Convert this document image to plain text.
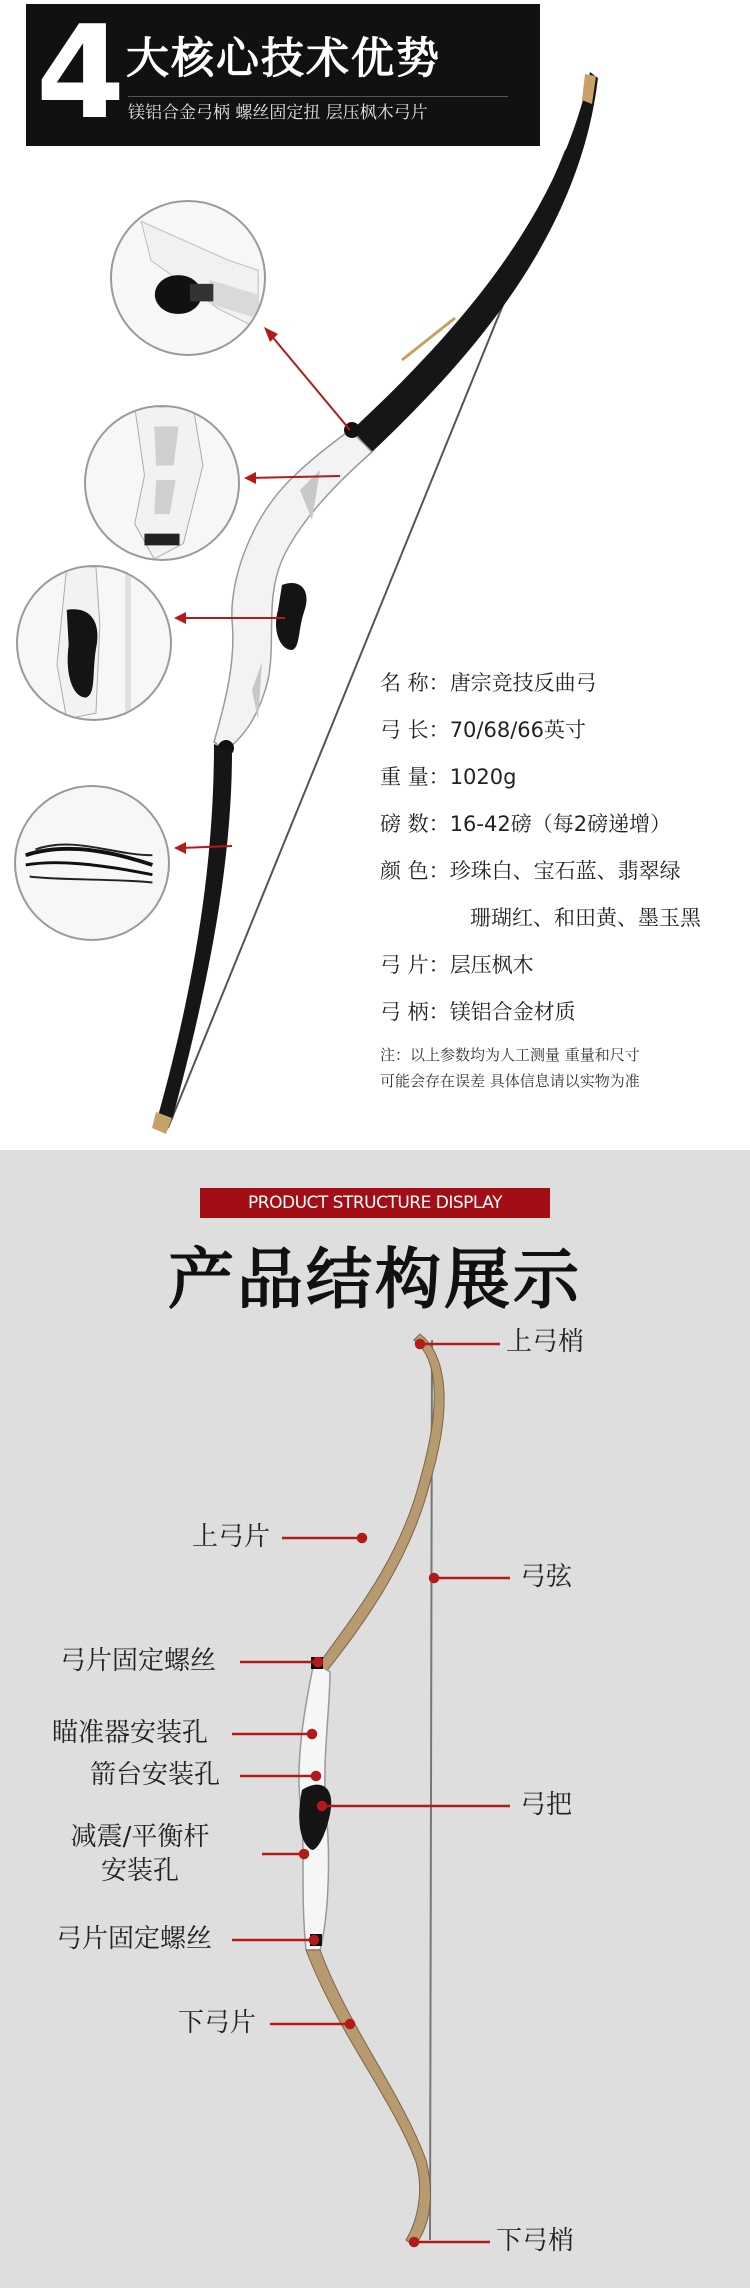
4 大核心技术优势
镁铝合金弓柄 螺丝固定扭 层压枫木弓片
名 称：唐宗竞技反曲弓
弓 长：70/68/66英寸
重 量：1020g
磅 数：16-42磅（每2磅递增）
颜 色：珍珠白、宝石蓝、翡翠绿
珊瑚红、和田黄、墨玉黑
弓 片：层压枫木
弓 柄：镁铝合金材质
注：以上参数均为人工测量 重量和尺寸
可能会存在误差 具体信息请以实物为准
PRODUCT STRUCTURE DISPLAY
产品结构展示
上弓梢
上弓片
弓弦
弓片固定螺丝
瞄准器安装孔
箭台安装孔
弓把
减震/平衡杆
安装孔
弓片固定螺丝
下弓片
下弓梢
